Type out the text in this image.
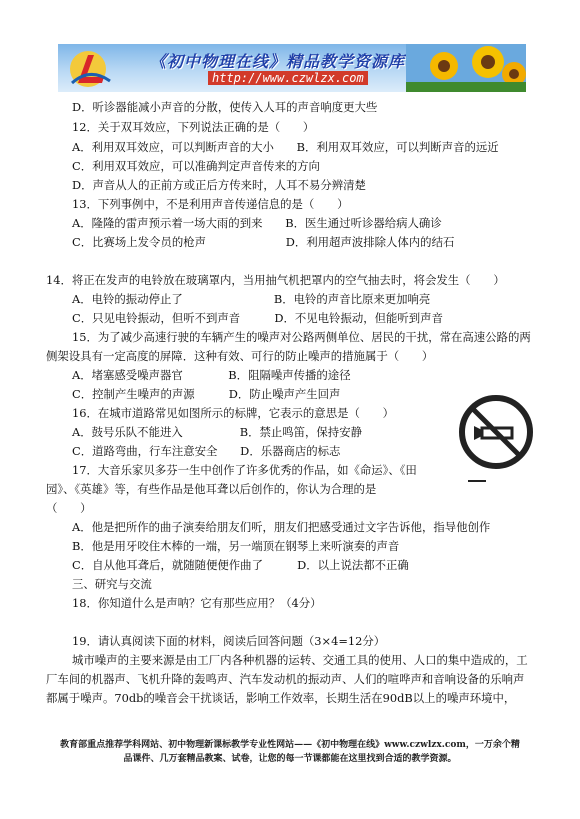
《初中物理在线》精品教学资源库
http://www.czwlzx.com
D．听诊器能减小声音的分散，使传入人耳的声音响度更大些
12．关于双耳效应，下列说法正确的是（　　）
A．利用双耳效应，可以判断声音的大小　　B．利用双耳效应，可以判断声音的远近
C．利用双耳效应，可以准确判定声音传来的方向
D．声音从人的正前方或正后方传来时，人耳不易分辨清楚
13．下列事例中，不是利用声音传递信息的是（　　）
A．隆隆的雷声预示着一场大雨的到来　　B．医生通过听诊器给病人确诊
C．比赛场上发令员的枪声　　　　　　　D．利用超声波排除人体内的结石
14．将正在发声的电铃放在玻璃罩内，当用抽气机把罩内的空气抽去时，将会发生（　　）
A．电铃的振动停止了　　　　　　　　B．电铃的声音比原来更加响亮
C．只见电铃振动，但听不到声音　　　D．不见电铃振动，但能听到声音
15．为了减少高速行驶的车辆产生的噪声对公路两侧单位、居民的干扰，常在高速公路的两
侧架设具有一定高度的屏障．这种有效、可行的防止噪声的措施属于（　　）
A．堵塞感受噪声器官　　　　B．阻隔噪声传播的途径
C．控制产生噪声的声源　　　D．防止噪声产生回声
16．在城市道路常见如图所示的标牌，它表示的意思是（　　）
A．鼓号乐队不能进入　　　　　B．禁止鸣笛，保持安静
C．道路弯曲，行车注意安全　　D．乐器商店的标志
17．大音乐家贝多芬一生中创作了许多优秀的作品，如《命运》、《田
园》、《英雄》等，有些作品是他耳聋以后创作的，你认为合理的是
（　　）
A．他是把所作的曲子演奏给朋友们听，朋友们把感受通过文字告诉他，指导他创作
B．他是用牙咬住木棒的一端，另一端顶在钢琴上来听演奏的声音
C．自从他耳聋后，就随随便便作曲了　　　D．以上说法都不正确
三、研究与交流
18．你知道什么是声呐？它有那些应用？（4分）
19．请认真阅读下面的材料，阅读后回答问题（3×4=12分）
城市噪声的主要来源是由工厂内各种机器的运转、交通工具的使用、人口的集中造成的，工
厂车间的机器声、飞机升降的轰鸣声、汽车发动机的振动声、人们的喧哗声和音响设备的乐响声
都属于噪声。70db的噪音会干扰谈话，影响工作效率，长期生活在90dB以上的噪声环境中，
教育部重点推荐学科网站、初中物理新课标教学专业性网站——《初中物理在线》www.czwlzx.com，一万余个精
品课件、几万套精品教案、试卷，让您的每一节课都能在这里找到合适的教学资源。
